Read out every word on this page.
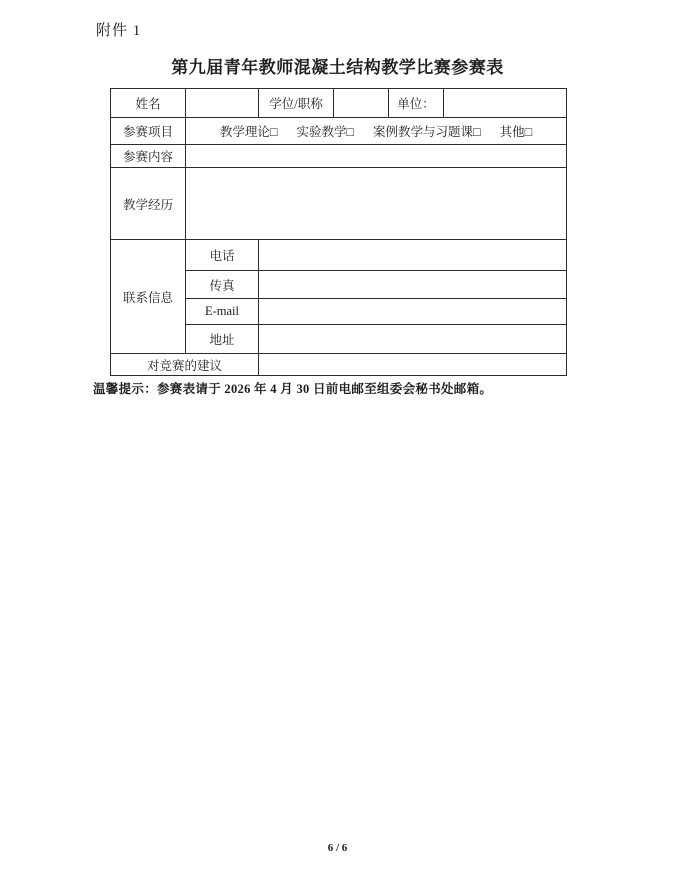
附件 1
第九届青年教师混凝土结构教学比赛参赛表
姓名		学位/职称		单位：	
参赛项目	教学理论□ 实验教学□ 案例教学与习题课□ 其他□				

参赛内容					
教学经历					
联系信息	电话				
	传真				
	E-mail				
	地址				
对竞赛的建议					
温馨提示：参赛表请于 2026 年 4 月 30 日前电邮至组委会秘书处邮箱。
6 / 6
